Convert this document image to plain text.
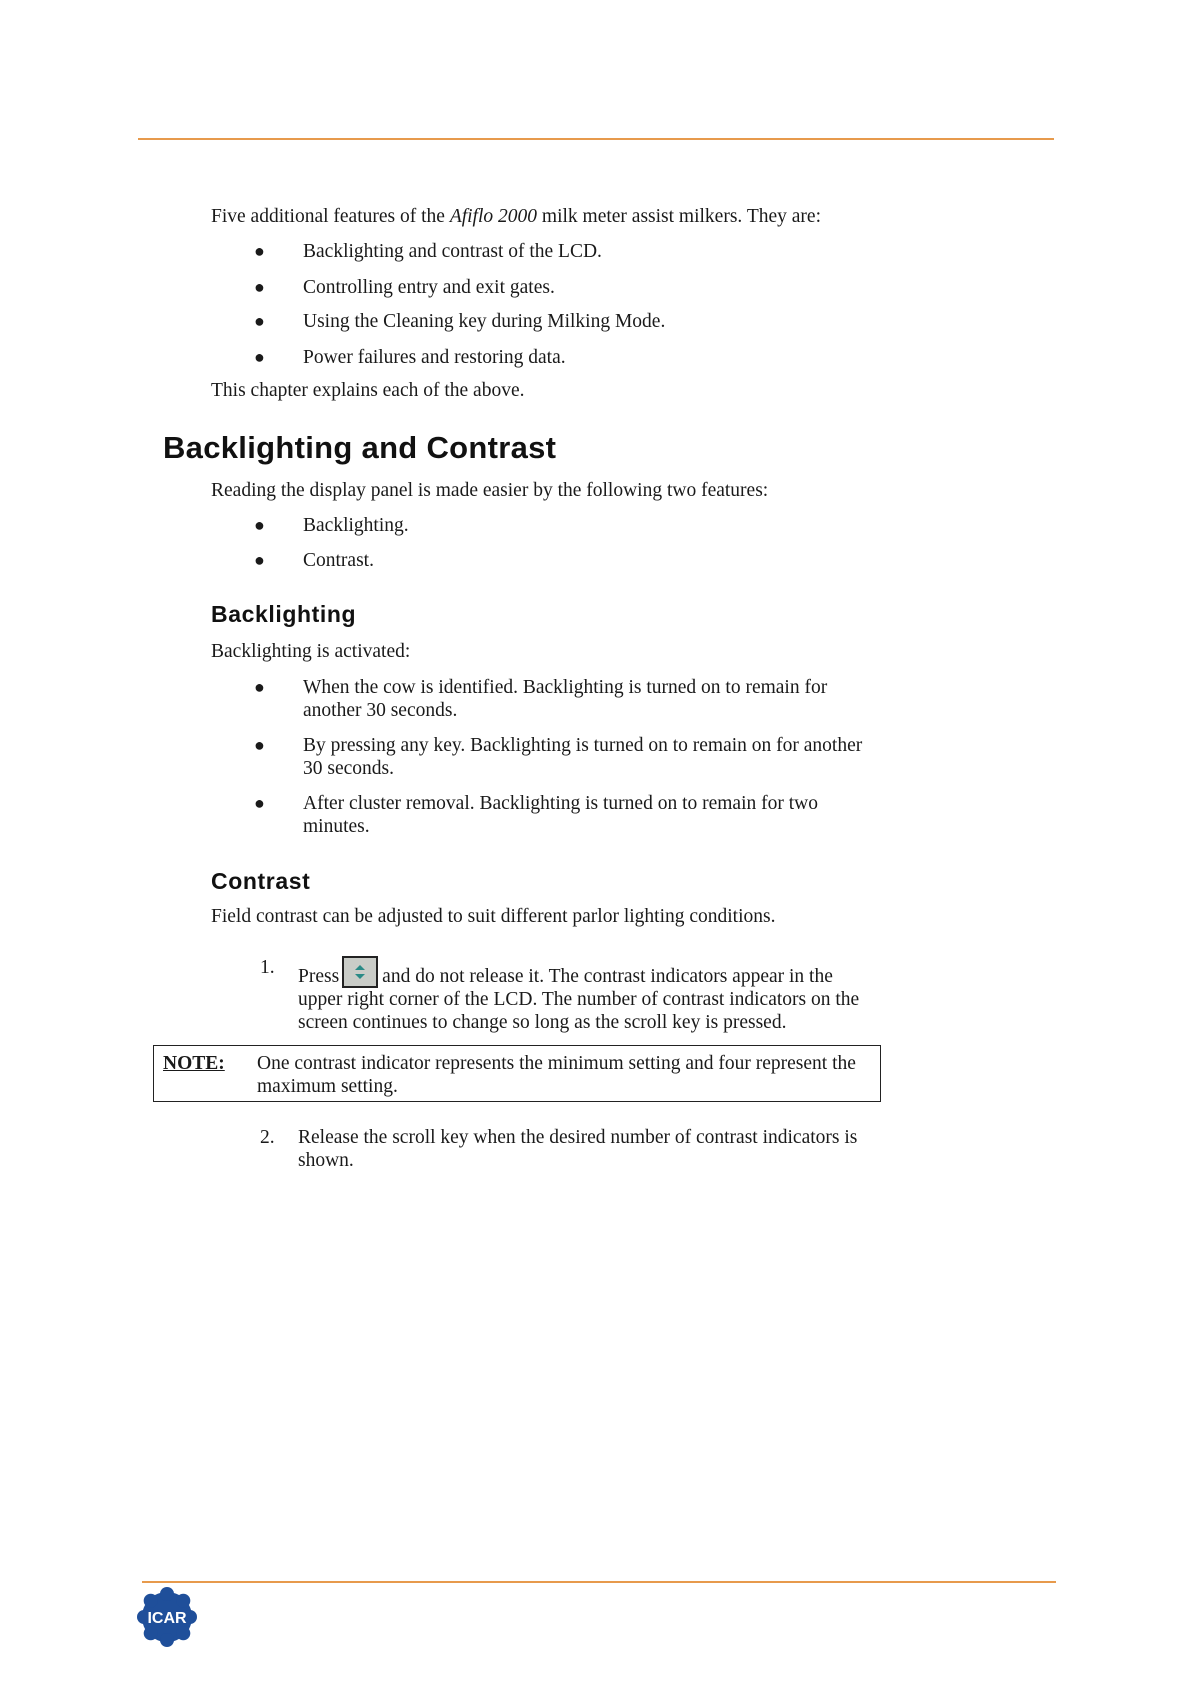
Five additional features of the Afiflo 2000 milk meter assist milkers. They are:
● Backlighting and contrast of the LCD.
● Controlling entry and exit gates.
● Using the Cleaning key during Milking Mode.
● Power failures and restoring data.
This chapter explains each of the above.
Backlighting and Contrast
Reading the display panel is made easier by the following two features:
● Backlighting.
● Contrast.
Backlighting
Backlighting is activated:
● When the cow is identified. Backlighting is turned on to remain for another 30 seconds.
● By pressing any key. Backlighting is turned on to remain on for another 30 seconds.
● After cluster removal. Backlighting is turned on to remain for two minutes.
Contrast
Field contrast can be adjusted to suit different parlor lighting conditions.
1. Press and do not release it. The contrast indicators appear in the upper right corner of the LCD. The number of contrast indicators on the screen continues to change so long as the scroll key is pressed.
NOTE: One contrast indicator represents the minimum setting and four represent the maximum setting.
2. Release the scroll key when the desired number of contrast indicators is shown.
ICAR
